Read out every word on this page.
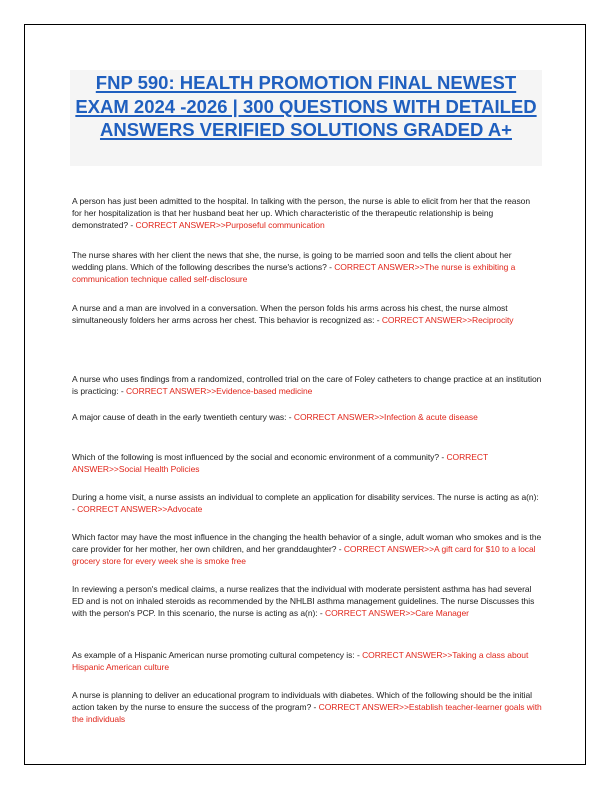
FNP 590: HEALTH PROMOTION FINAL NEWEST EXAM 2024 -2026 | 300 QUESTIONS WITH DETAILED ANSWERS VERIFIED SOLUTIONS GRADED A+

A person has just been admitted to the hospital. In talking with the person, the nurse is able to elicit from her that the reason for her hospitalization is that her husband beat her up. Which characteristic of the therapeutic relationship is being demonstrated? - CORRECT ANSWER>>Purposeful communication

The nurse shares with her client the news that she, the nurse, is going to be married soon and tells the client about her wedding plans. Which of the following describes the nurse's actions? - CORRECT ANSWER>>The nurse is exhibiting a communication technique called self-disclosure

A nurse and a man are involved in a conversation. When the person folds his arms across his chest, the nurse almost simultaneously folders her arms across her chest. This behavior is recognized as: - CORRECT ANSWER>>Reciprocity

A nurse who uses findings from a randomized, controlled trial on the care of Foley catheters to change practice at an institution is practicing: - CORRECT ANSWER>>Evidence-based medicine

A major cause of death in the early twentieth century was: - CORRECT ANSWER>>Infection & acute disease

Which of the following is most influenced by the social and economic environment of a community? - CORRECT ANSWER>>Social Health Policies

During a home visit, a nurse assists an individual to complete an application for disability services. The nurse is acting as a(n): - CORRECT ANSWER>>Advocate

Which factor may have the most influence in the changing the health behavior of a single, adult woman who smokes and is the care provider for her mother, her own children, and her granddaughter? - CORRECT ANSWER>>A gift card for $10 to a local grocery store for every week she is smoke free

In reviewing a person's medical claims, a nurse realizes that the individual with moderate persistent asthma has had several ED and is not on inhaled steroids as recommended by the NHLBI asthma management guidelines. The nurse Discusses this with the person's PCP. In this scenario, the nurse is acting as a(n): - CORRECT ANSWER>>Care Manager

As example of a Hispanic American nurse promoting cultural competency is: - CORRECT ANSWER>>Taking a class about Hispanic American culture

A nurse is planning to deliver an educational program to individuals with diabetes. Which of the following should be the initial action taken by the nurse to ensure the success of the program? - CORRECT ANSWER>>Establish teacher-learner goals with the individuals
